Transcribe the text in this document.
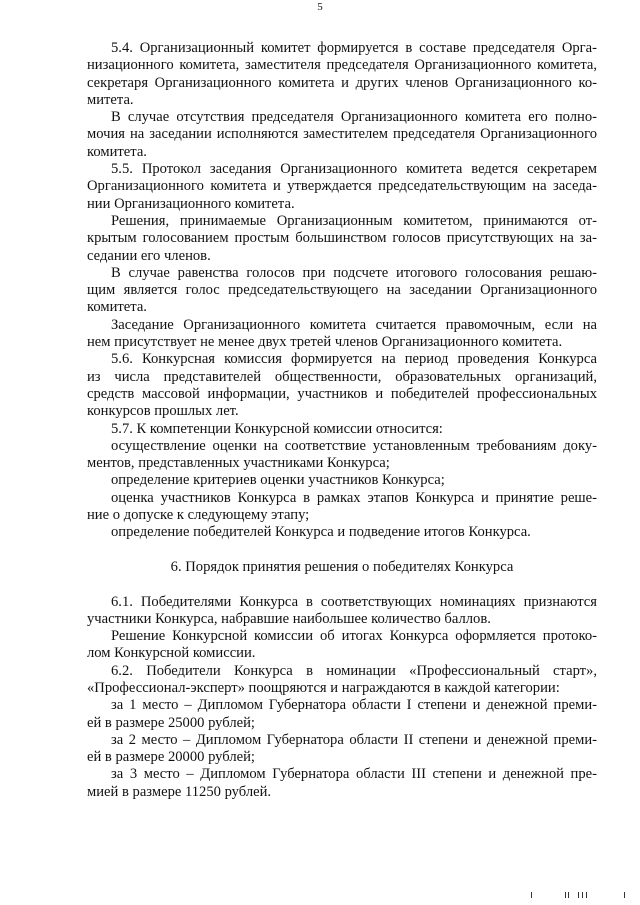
5
5.4. Организационный комитет формируется в составе председателя Орга-
низационного комитета, заместителя председателя Организационного комитета,
секретаря Организационного комитета и других членов Организационного ко-
митета.
В случае отсутствия председателя Организационного комитета его полно-
мочия на заседании исполняются заместителем председателя Организационного
комитета.
5.5. Протокол заседания Организационного комитета ведется секретарем
Организационного комитета и утверждается председательствующим на заседа-
нии Организационного комитета.
Решения, принимаемые Организационным комитетом, принимаются от-
крытым голосованием простым большинством голосов присутствующих на за-
седании его членов.
В случае равенства голосов при подсчете итогового голосования решаю-
щим является голос председательствующего на заседании Организационного
комитета.
Заседание Организационного комитета считается правомочным, если на
нем присутствует не менее двух третей членов Организационного комитета.
5.6. Конкурсная комиссия формируется на период проведения Конкурса
из числа представителей общественности, образовательных организаций,
средств массовой информации, участников и победителей профессиональных
конкурсов прошлых лет.
5.7. К компетенции Конкурсной комиссии относится:
осуществление оценки на соответствие установленным требованиям доку-
ментов, представленных участниками Конкурса;
определение критериев оценки участников Конкурса;
оценка участников Конкурса в рамках этапов Конкурса и принятие реше-
ние о допуске к следующему этапу;
определение победителей Конкурса и подведение итогов Конкурса.
6. Порядок принятия решения о победителях Конкурса
6.1. Победителями Конкурса в соответствующих номинациях признаются
участники Конкурса, набравшие наибольшее количество баллов.
Решение Конкурсной комиссии об итогах Конкурса оформляется протоко-
лом Конкурсной комиссии.
6.2. Победители Конкурса в номинации «Профессиональный старт»,
«Профессионал-эксперт» поощряются и награждаются в каждой категории:
за 1 место – Дипломом Губернатора области I степени и денежной преми-
ей в размере 25000 рублей;
за 2 место – Дипломом Губернатора области II степени и денежной преми-
ей в размере 20000 рублей;
за 3 место – Дипломом Губернатора области III степени и денежной пре-
мией в размере 11250 рублей.
